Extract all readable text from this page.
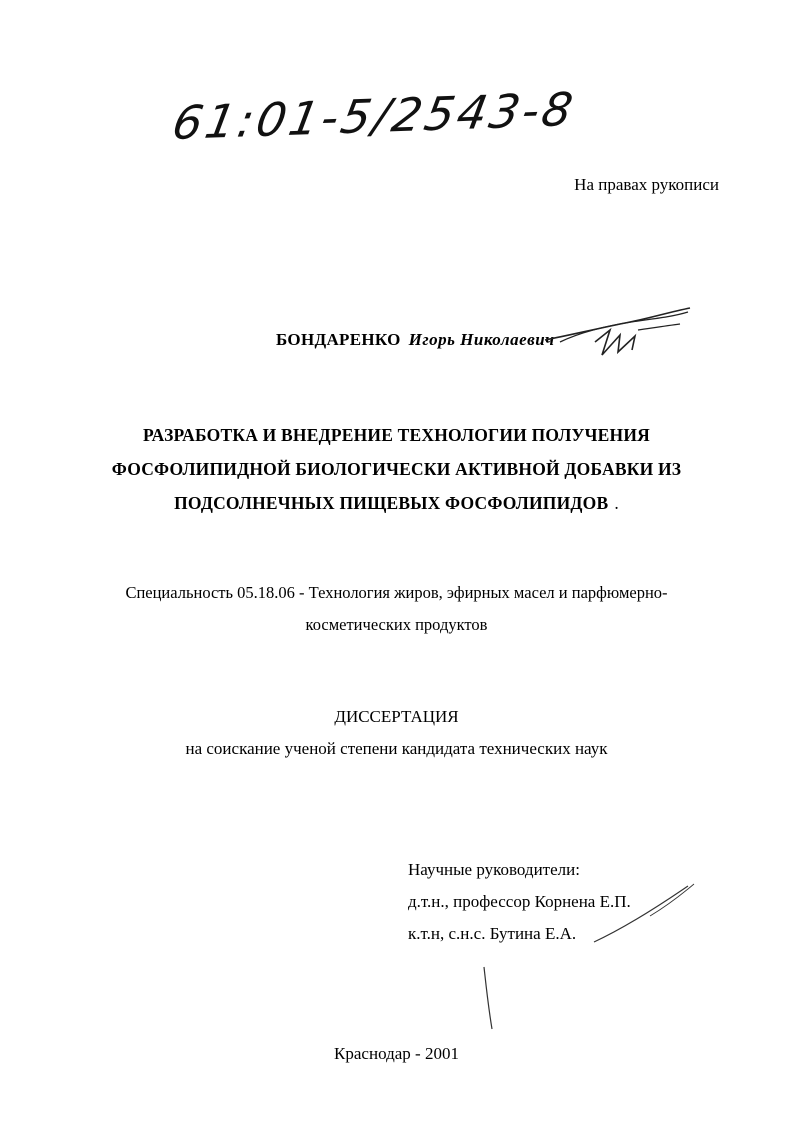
61:01-5/2543-8
На правах рукописи
БОНДАРЕНКО Игорь Николаевич
РАЗРАБОТКА И ВНЕДРЕНИЕ ТЕХНОЛОГИИ ПОЛУЧЕНИЯ
ФОСФОЛИПИДНОЙ БИОЛОГИЧЕСКИ АКТИВНОЙ ДОБАВКИ ИЗ
ПОДСОЛНЕЧНЫХ ПИЩЕВЫХ ФОСФОЛИПИДОВ .
Специальность 05.18.06 - Технология жиров, эфирных масел и парфюмерно-
косметических продуктов
ДИССЕРТАЦИЯ
на соискание ученой степени кандидата технических наук
Научные руководители:
д.т.н., профессор Корнена Е.П.
к.т.н, с.н.с. Бутина Е.А.
Краснодар - 2001
